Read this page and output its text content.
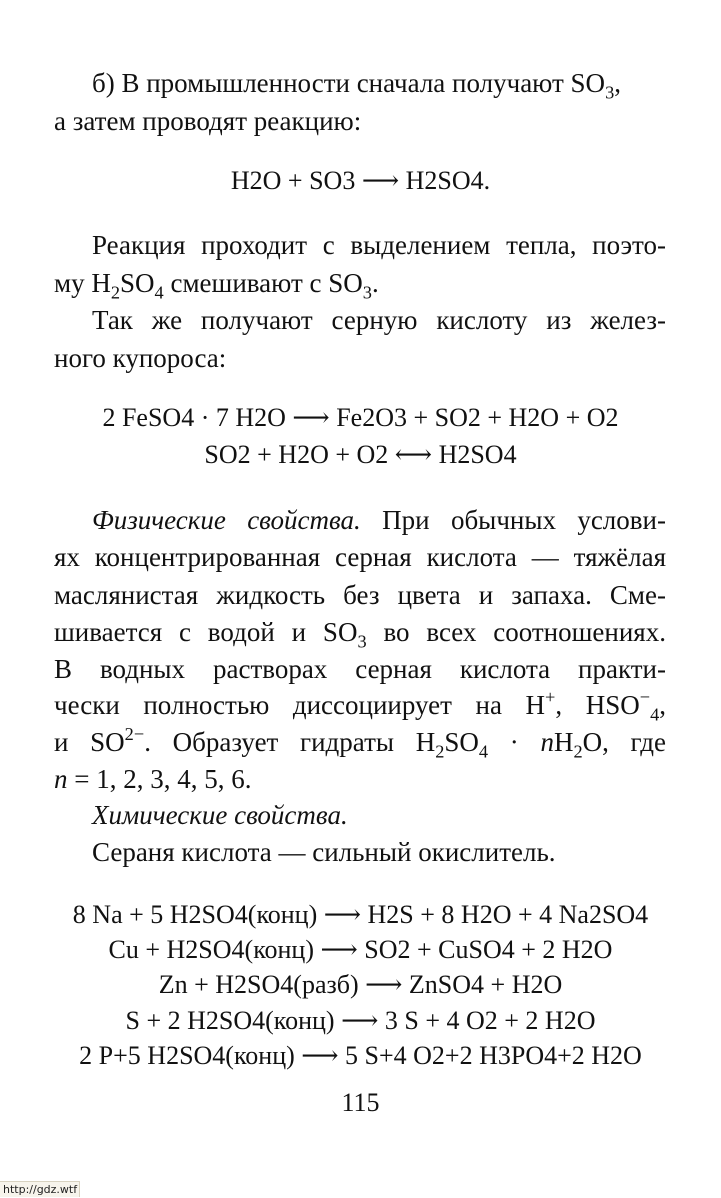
б) В промышленности сначала получают $SO_3$,
а затем проводят реакцию:
H2O + SO3 ⟶ H2SO4.
Реакция проходит с выделением тепла, поэто-
му $H_2SO_4$ смешивают с $SO_3$.
Так же получают серную кислоту из желез-
ного купороса:
2 FeSO4 · 7 H2O ⟶ Fe2O3 + SO2 + H2O + O2
SO2 + H2O + O2 ⟷ H2SO4
Физические свойства. При обычных услови-
ях концентрированная серная кислота — тяжёлая
маслянистая жидкость без цвета и запаха. Сме-
шивается с водой и $SO_3$ во всех соотношениях.
В водных растворах серная кислота практи-
чески полностью диссоциирует на H+, $HSO^-_4$,
и $SO^{2-}$. Образует гидраты $H_2SO_4 \cdot nH_2O$, где
n = 1, 2, 3, 4, 5, 6.
Химические свойства.
Сераня кислота — сильный окислитель.
8 Na + 5 H2SO4(конц) ⟶ H2S + 8 H2O + 4 Na2SO4
Cu + H2SO4(конц) ⟶ SO2 + CuSO4 + 2 H2O
Zn + H2SO4(разб) ⟶ ZnSO4 + H2O
S + 2 H2SO4(конц) ⟶ 3 S + 4 O2 + 2 H2O
2 P+5 H2SO4(конц) ⟶ 5 S+4 O2+2 H3PO4+2 H2O
115
http://gdz.wtf
